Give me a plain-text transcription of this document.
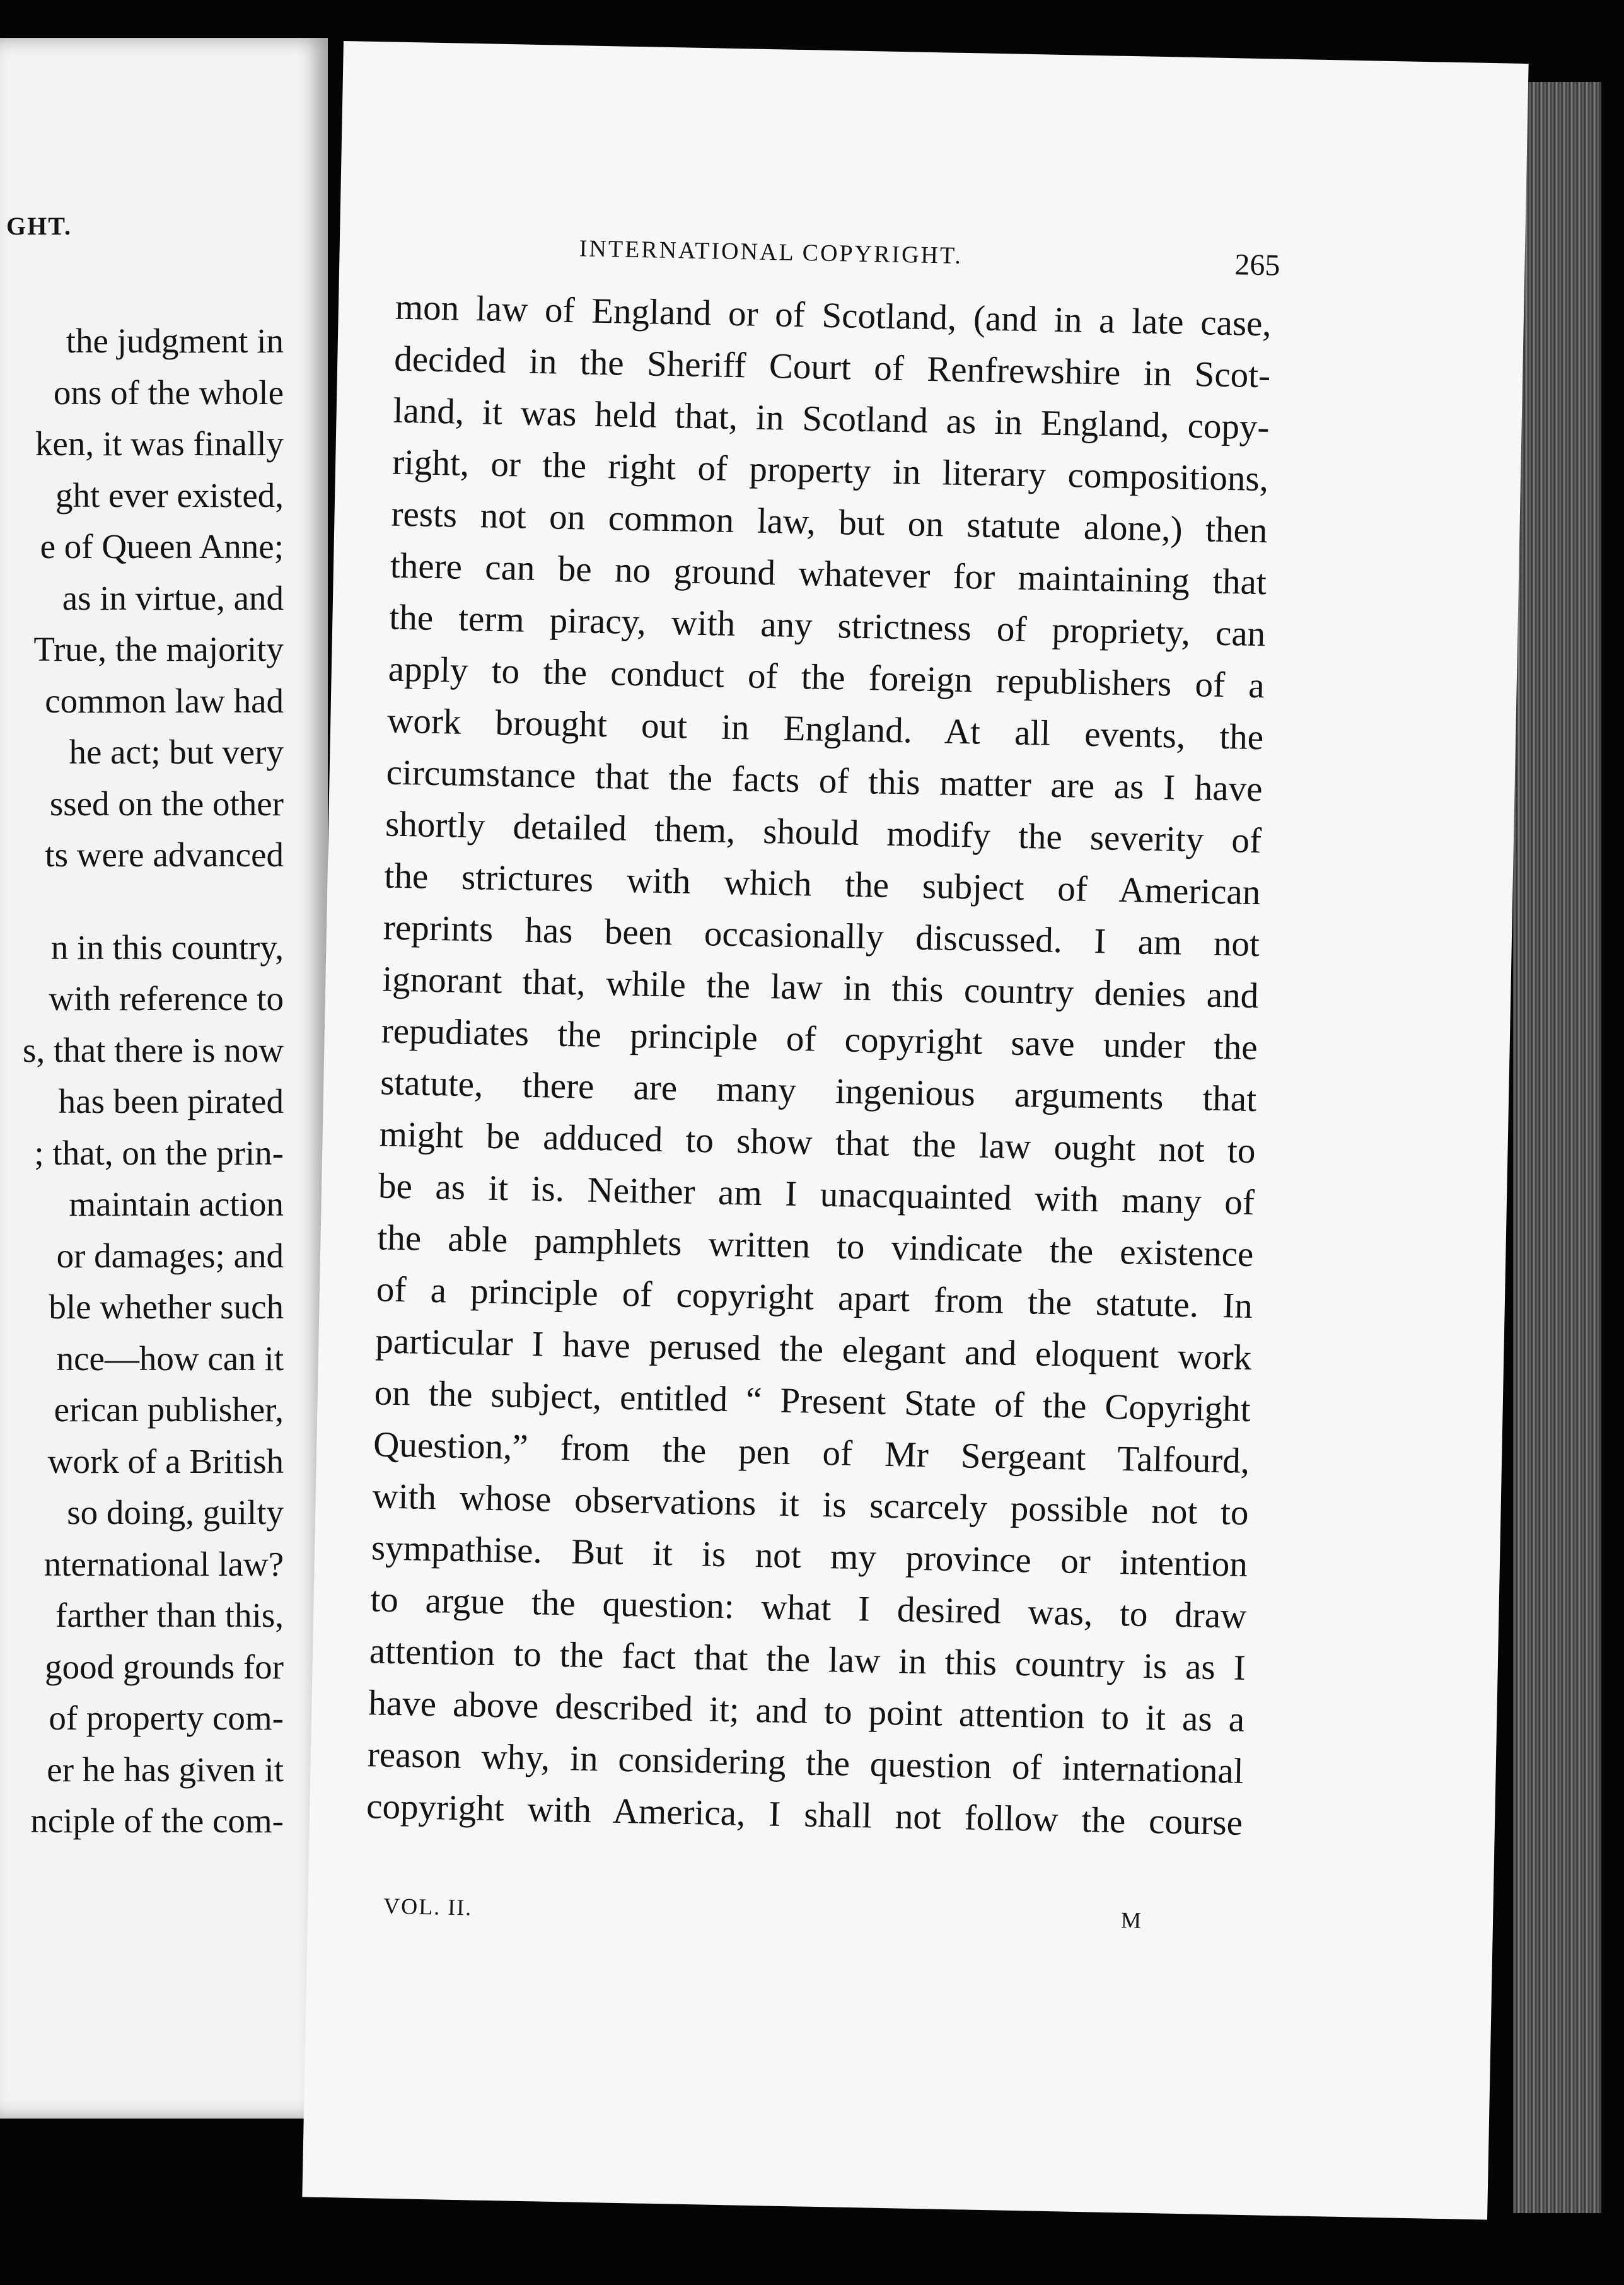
GHT.
the judgment in
ons of the whole
ken, it was finally
ght ever existed,
e of Queen Anne;
as in virtue, and
True, the majority
common law had
he act; but very
ssed on the other
ts were advanced
n in this country,
with reference to
s, that there is now
has been pirated
; that, on the prin-
maintain action
or damages; and
ble whether such
nce—how can it
erican publisher,
work of a British
so doing, guilty
nternational law?
farther than this,
good grounds for
of property com-
er he has given it
nciple of the com-
INTERNATIONAL COPYRIGHT.	265
mon law of England or of Scotland, (and in a late case,
decided in the Sheriff Court of Renfrewshire in Scot-
land, it was held that, in Scotland as in England, copy-
right, or the right of property in literary compositions,
rests not on common law, but on statute alone,) then
there can be no ground whatever for maintaining that
the term piracy, with any strictness of propriety, can
apply to the conduct of the foreign republishers of a
work brought out in England. At all events, the
circumstance that the facts of this matter are as I have
shortly detailed them, should modify the severity of
the strictures with which the subject of American
reprints has been occasionally discussed. I am not
ignorant that, while the law in this country denies and
repudiates the principle of copyright save under the
statute, there are many ingenious arguments that
might be adduced to show that the law ought not to
be as it is. Neither am I unacquainted with many of
the able pamphlets written to vindicate the existence
of a principle of copyright apart from the statute. In
particular I have perused the elegant and eloquent work
on the subject, entitled “ Present State of the Copyright
Question,” from the pen of Mr Sergeant Talfourd,
with whose observations it is scarcely possible not to
sympathise. But it is not my province or intention
to argue the question: what I desired was, to draw
attention to the fact that the law in this country is as I
have above described it; and to point attention to it as a
reason why, in considering the question of international
copyright with America, I shall not follow the course
VOL. II.
M
